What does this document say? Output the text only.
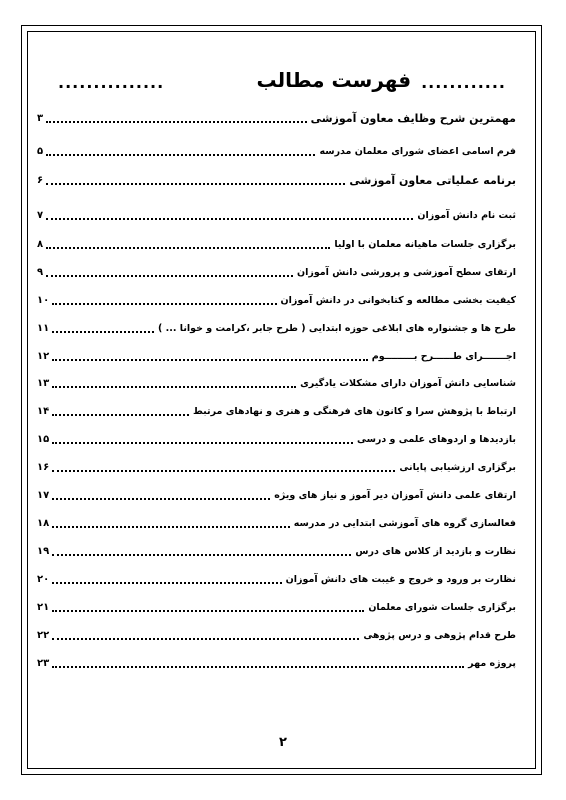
............
فهرست مطالب
...............
مهمترین شرح وظایف معاون آموزشی
۳
فرم اسامی اعضای شورای معلمان مدرسه
۵
برنامه عملیاتی معاون آموزشی
۶
ثبت نام دانش آموزان
۷
برگزاری جلسات ماهیانه معلمان با اولیا
۸
ارتقای سطح آموزشی و پرورشی دانش آموزان
۹
کیفیت بخشی مطالعه و کتابخوانی در دانش آموزان
۱۰
طرح ها و جشنواره های ابلاغی حوزه ابتدایی ( طرح جابر ،کرامت و خوانا ... )
۱۱
اجـــــــرای طــــــرح بـــــــــوم
۱۲
شناسایی دانش آموزان دارای مشکلات یادگیری
۱۳
ارتباط با پژوهش سرا و کانون های فرهنگی و هنری و نهادهای مرتبط
۱۴
بازدیدها و اردوهای علمی و درسی
۱۵
برگزاری ارزشیابی پایانی
۱۶
ارتقای علمی دانش آموزان دیر آموز و نیاز های ویژه
۱۷
فعالسازی گروه های آموزشی ابتدایی در مدرسه
۱۸
نظارت و بازدید از کلاس های درس
۱۹
نظارت بر ورود و خروج و غیبت های دانش آموزان
۲۰
برگزاری جلسات شورای معلمان
۲۱
طرح قدام پژوهی و درس پژوهی
۲۲
پروژه مهر
۲۳
۲
